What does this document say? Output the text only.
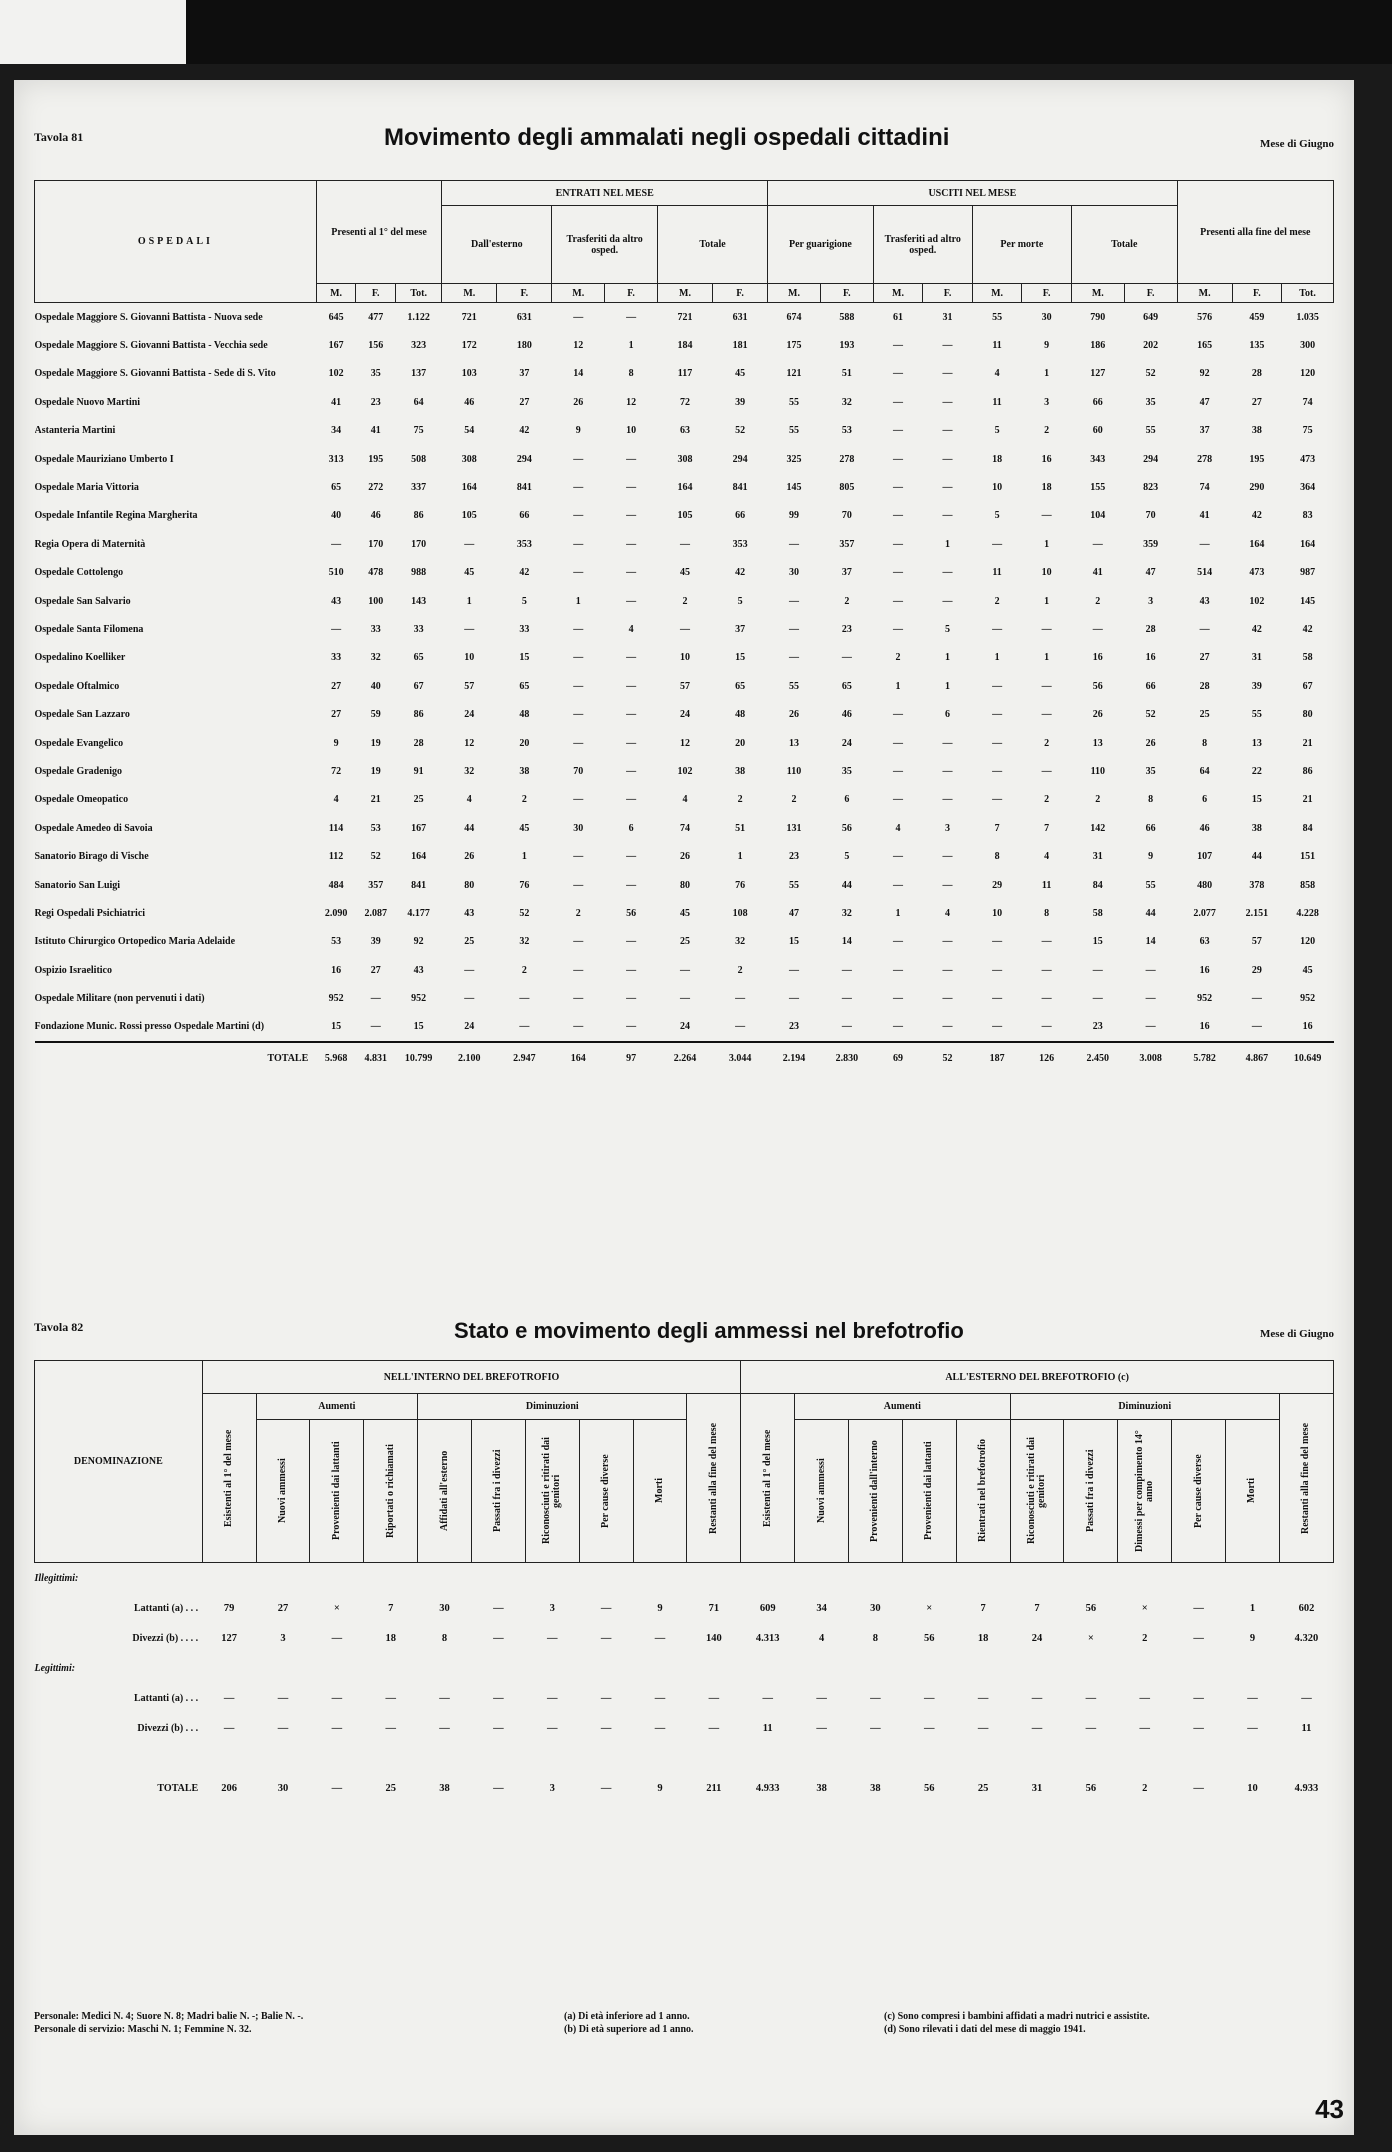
Tavola 81	Movimento degli ammalati negli ospedali cittadini	Mese di Giugno
OSPEDALI	Presenti al 1° del mese			ENTRATI NEL MESE						USCITI NEL MESE								Presenti alla fine del mese		
				Dall'esterno		Trasferiti da altro osped.		Totale		Per guarigione		Trasferiti ad altro osped.		Per morte		Totale				
	M.	F.	Tot.	M.	F.	M.	F.	M.	F.	M.	F.	M.	F.	M.	F.	M.	F.	M.	F.	Tot.
Ospedale Maggiore S. Giovanni Battista - Nuova sede	645	477	1.122	721	631	—	—	721	631	674	588	61	31	55	30	790	649	576	459	1.035
Ospedale Maggiore S. Giovanni Battista - Vecchia sede	167	156	323	172	180	12	1	184	181	175	193	—	—	11	9	186	202	165	135	300
Ospedale Maggiore S. Giovanni Battista - Sede di S. Vito	102	35	137	103	37	14	8	117	45	121	51	—	—	4	1	127	52	92	28	120
Ospedale Nuovo Martini	41	23	64	46	27	26	12	72	39	55	32	—	—	11	3	66	35	47	27	74
Astanteria Martini	34	41	75	54	42	9	10	63	52	55	53	—	—	5	2	60	55	37	38	75
Ospedale Mauriziano Umberto I	313	195	508	308	294	—	—	308	294	325	278	—	—	18	16	343	294	278	195	473
Ospedale Maria Vittoria	65	272	337	164	841	—	—	164	841	145	805	—	—	10	18	155	823	74	290	364
Ospedale Infantile Regina Margherita	40	46	86	105	66	—	—	105	66	99	70	—	—	5	—	104	70	41	42	83
Regia Opera di Maternità	—	170	170	—	353	—	—	—	353	—	357	—	1	—	1	—	359	—	164	164
Ospedale Cottolengo	510	478	988	45	42	—	—	45	42	30	37	—	—	11	10	41	47	514	473	987
Ospedale San Salvario	43	100	143	1	5	1	—	2	5	—	2	—	—	2	1	2	3	43	102	145
Ospedale Santa Filomena	—	33	33	—	33	—	4	—	37	—	23	—	5	—	—	—	28	—	42	42
Ospedalino Koelliker	33	32	65	10	15	—	—	10	15	—	—	2	1	1	1	16	16	27	31	58
Ospedale Oftalmico	27	40	67	57	65	—	—	57	65	55	65	1	1	—	—	56	66	28	39	67
Ospedale San Lazzaro	27	59	86	24	48	—	—	24	48	26	46	—	6	—	—	26	52	25	55	80
Ospedale Evangelico	9	19	28	12	20	—	—	12	20	13	24	—	—	—	2	13	26	8	13	21
Ospedale Gradenigo	72	19	91	32	38	70	—	102	38	110	35	—	—	—	—	110	35	64	22	86
Ospedale Omeopatico	4	21	25	4	2	—	—	4	2	2	6	—	—	—	2	2	8	6	15	21
Ospedale Amedeo di Savoia	114	53	167	44	45	30	6	74	51	131	56	4	3	7	7	142	66	46	38	84
Sanatorio Birago di Vische	112	52	164	26	1	—	—	26	1	23	5	—	—	8	4	31	9	107	44	151
Sanatorio San Luigi	484	357	841	80	76	—	—	80	76	55	44	—	—	29	11	84	55	480	378	858
Regi Ospedali Psichiatrici	2.090	2.087	4.177	43	52	2	56	45	108	47	32	1	4	10	8	58	44	2.077	2.151	4.228
Istituto Chirurgico Ortopedico Maria Adelaide	53	39	92	25	32	—	—	25	32	15	14	—	—	—	—	15	14	63	57	120
Ospizio Israelitico	16	27	43	—	2	—	—	—	2	—	—	—	—	—	—	—	—	16	29	45
Ospedale Militare (non pervenuti i dati)	952	—	952	—	—	—	—	—	—	—	—	—	—	—	—	—	—	952	—	952
Fondazione Munic. Rossi presso Ospedale Martini (d)	15	—	15	24	—	—	—	24	—	23	—	—	—	—	—	23	—	16	—	16
TOTALE	5.968	4.831	10.799	2.100	2.947	164	97	2.264	3.044	2.194	2.830	69	52	187	126	2.450	3.008	5.782	4.867	10.649
Tavola 82	Stato e movimento degli ammessi nel brefotrofio	Mese di Giugno
DENOMINAZIONE	NELL'INTERNO DEL BREFOTROFIO										ALL'ESTERNO DEL BREFOTROFIO (c)										

	Esistenti al 1° del mese	Aumenti			Diminuzioni					Restanti alla fine del mese	Esistenti al 1° del mese	Aumenti				Diminuzioni					Restanti alla fine del mese

		Nuovi ammessi	Provenienti dai lattanti	Riportati o richiamati	Affidati all'esterno	Passati fra i divezzi	Riconosciuti e ritirati dai genitori	Per cause diverse	Morti			Nuovi ammessi	Provenienti dall'interno	Provenienti dai lattanti	Rientrati nel brefotrofio	Riconosciuti e ritirati dai genitori	Passati fra i divezzi	Dimessi per compimento 14° anno	Per cause diverse	Morti	

Illegittimi:																					
Lattanti (a) . . .	79	27	×	7	30	—	3	—	9	71	609	34	30	×	7	7	56	×	—	1	602
Divezzi (b) . . . .	127	3	—	18	8	—	—	—	—	140	4.313	4	8	56	18	24	×	2	—	9	4.320
Legittimi:																					
Lattanti (a) . . .	—	—	—	—	—	—	—	—	—	—	—	—	—	—	—	—	—	—	—	—	—
Divezzi (b) . . .	—	—	—	—	—	—	—	—	—	—	11	—	—	—	—	—	—	—	—	—	11

TOTALE	206	30	—	25	38	—	3	—	9	211	4.933	38	38	56	25	31	56	2	—	10	4.933
Personale: Medici N. 4; Suore N. 8; Madri balie N. -; Balie N. -.
Personale di servizio: Maschi N. 1; Femmine N. 32.
(a) Di età inferiore ad 1 anno.
(b) Di età superiore ad 1 anno.
(c) Sono compresi i bambini affidati a madri nutrici e assistite.
(d) Sono rilevati i dati del mese di maggio 1941.
43
